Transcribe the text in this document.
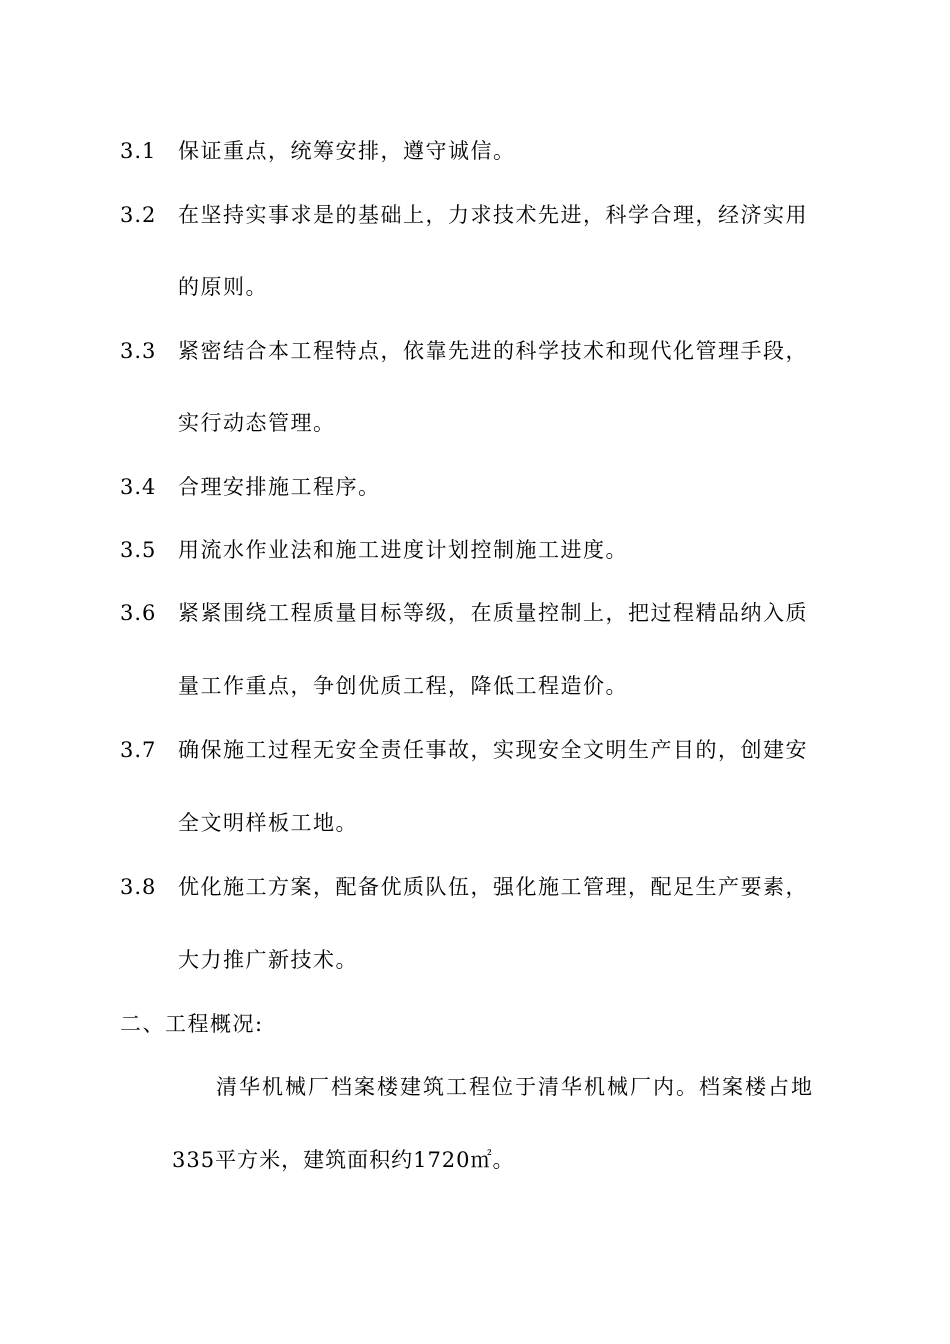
3.1 保证重点，统筹安排，遵守诚信。
3.2 在坚持实事求是的基础上，力求技术先进，科学合理，经济实用
的原则。
3.3 紧密结合本工程特点，依靠先进的科学技术和现代化管理手段，
实行动态管理。
3.4 合理安排施工程序。
3.5 用流水作业法和施工进度计划控制施工进度。
3.6 紧紧围绕工程质量目标等级，在质量控制上，把过程精品纳入质
量工作重点，争创优质工程，降低工程造价。
3.7 确保施工过程无安全责任事故，实现安全文明生产目的，创建安
全文明样板工地。
3.8 优化施工方案，配备优质队伍，强化施工管理，配足生产要素，
大力推广新技术。
二、工程概况:
清华机械厂档案楼建筑工程位于清华机械厂内。档案楼占地
335平方米，建筑面积约1720㎡。
